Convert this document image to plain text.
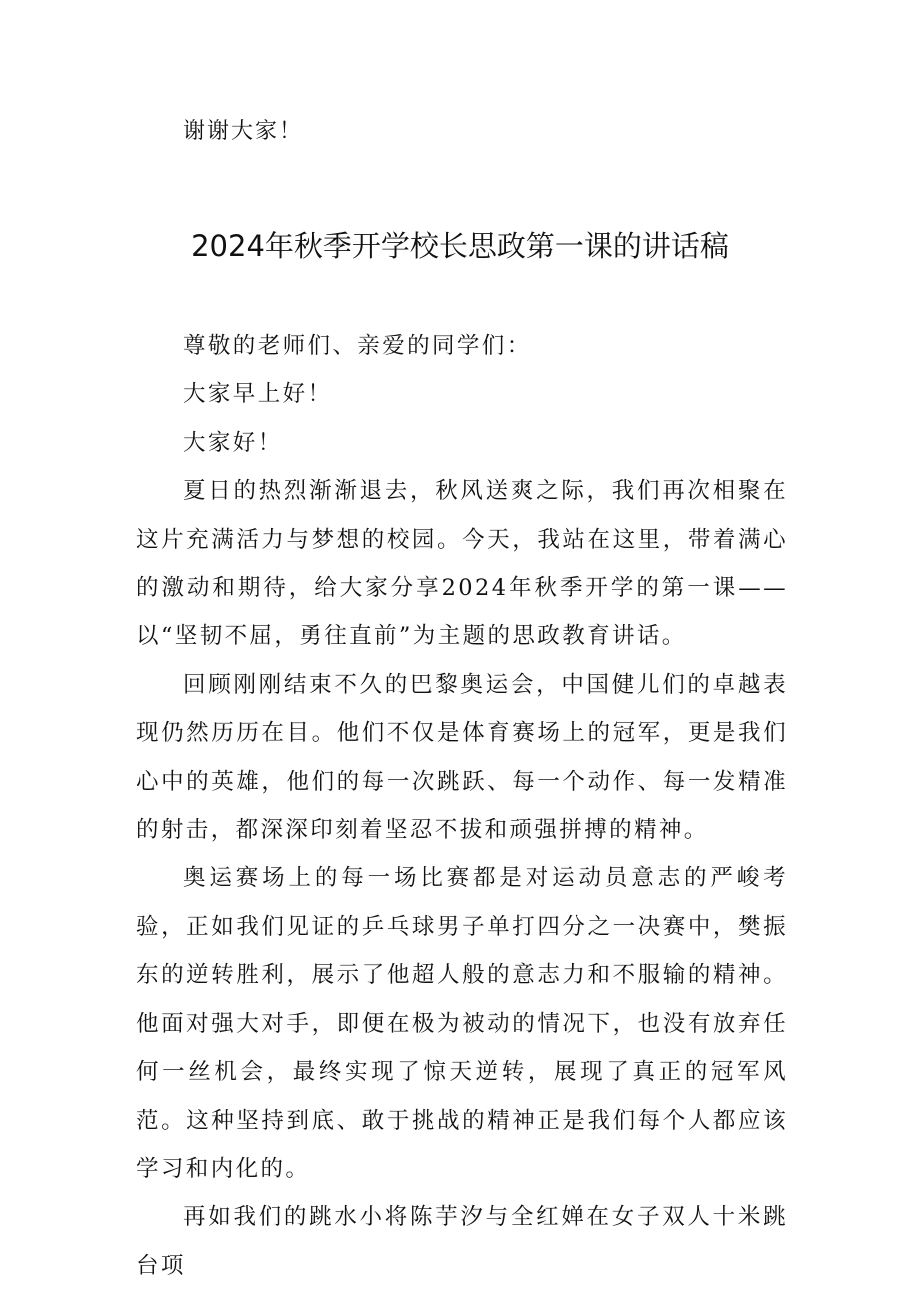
谢谢大家！

2024年秋季开学校长思政第一课的讲话稿

尊敬的老师们、亲爱的同学们：

大家早上好！

大家好！

夏日的热烈渐渐退去，秋风送爽之际，我们再次相聚在这片充满活力与梦想的校园。今天，我站在这里，带着满心的激动和期待，给大家分享2024年秋季开学的第一课——以“坚韧不屈，勇往直前”为主题的思政教育讲话。

回顾刚刚结束不久的巴黎奥运会，中国健儿们的卓越表现仍然历历在目。他们不仅是体育赛场上的冠军，更是我们心中的英雄，他们的每一次跳跃、每一个动作、每一发精准的射击，都深深印刻着坚忍不拔和顽强拼搏的精神。

奥运赛场上的每一场比赛都是对运动员意志的严峻考验，正如我们见证的乒乓球男子单打四分之一决赛中，樊振东的逆转胜利，展示了他超人般的意志力和不服输的精神。他面对强大对手，即便在极为被动的情况下，也没有放弃任何一丝机会，最终实现了惊天逆转，展现了真正的冠军风范。这种坚持到底、敢于挑战的精神正是我们每个人都应该学习和内化的。

再如我们的跳水小将陈芋汐与全红婵在女子双人十米跳台项
